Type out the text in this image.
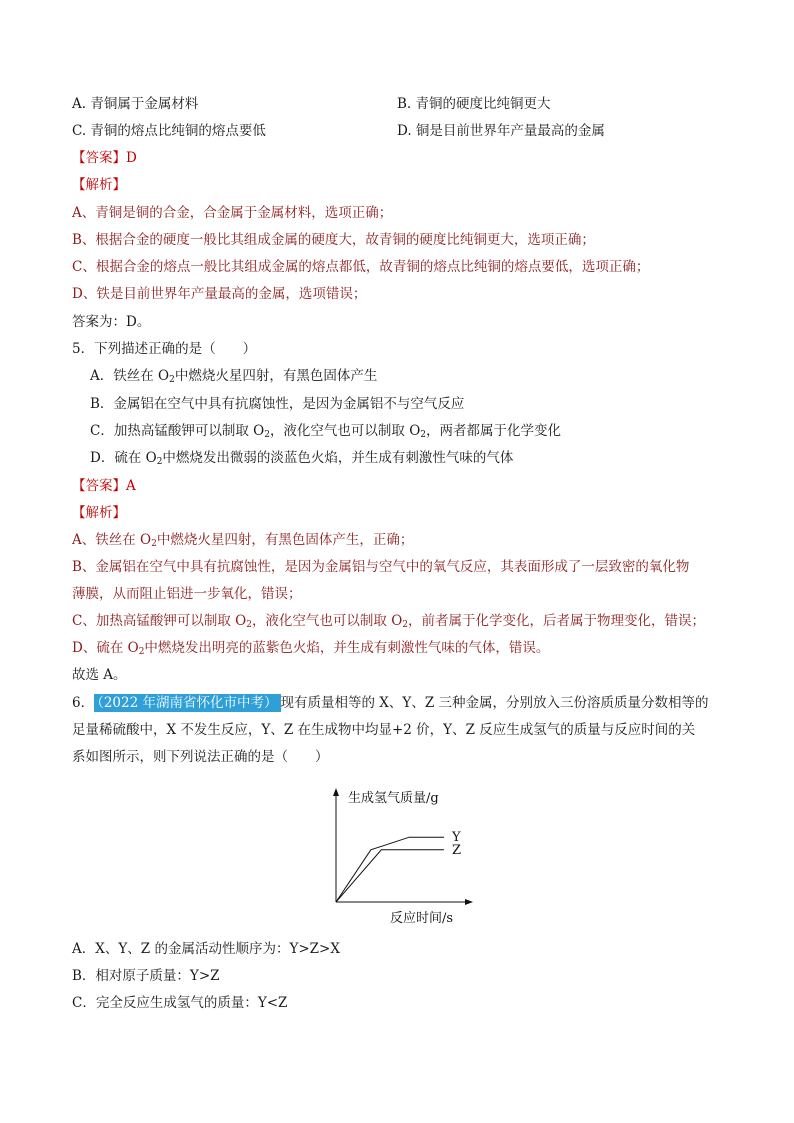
A. 青铜属于金属材料	B. 青铜的硬度比纯铜更大
C. 青铜的熔点比纯铜的熔点要低	D. 铜是目前世界年产量最高的金属
【答案】D
【解析】
A、青铜是铜的合金，合金属于金属材料，选项正确；
B、根据合金的硬度一般比其组成金属的硬度大，故青铜的硬度比纯铜更大，选项正确；
C、根据合金的熔点一般比其组成金属的熔点都低，故青铜的熔点比纯铜的熔点要低，选项正确；
D、铁是目前世界年产量最高的金属，选项错误；
答案为：D。
5．下列描述正确的是（　　）
A．铁丝在 $O_2$中燃烧火星四射，有黑色固体产生
B．金属铝在空气中具有抗腐蚀性，是因为金属铝不与空气反应
C．加热高锰酸钾可以制取 $O_2$，液化空气也可以制取 $O_2$，两者都属于化学变化
D．硫在 $O_2$中燃烧发出微弱的淡蓝色火焰，并生成有刺激性气味的气体
【答案】A
【解析】
A、铁丝在 $O_2$中燃烧火星四射，有黑色固体产生，正确；
B、金属铝在空气中具有抗腐蚀性，是因为金属铝与空气中的氧气反应，其表面形成了一层致密的氧化物
薄膜，从而阻止铝进一步氧化，错误；
C、加热高锰酸钾可以制取 $O_2$，液化空气也可以制取 $O_2$，前者属于化学变化，后者属于物理变化，错误；
D、硫在 $O_2$中燃烧发出明亮的蓝紫色火焰，并生成有刺激性气味的气体，错误。
故选 A。
6． （2022 年湖南省怀化市中考） 现有质量相等的 X、Y、Z 三种金属，分别放入三份溶质质量分数相等的
足量稀硫酸中，X 不发生反应，Y、Z 在生成物中均显+2 价，Y、Z 反应生成氢气的质量与反应时间的关
系如图所示，则下列说法正确的是（　　）
生成氢气质量/g
反应时间/s
Y
Z
A．X、Y、Z 的金属活动性顺序为：Y>Z>X
B．相对原子质量：Y>Z
C．完全反应生成氢气的质量：Y<Z
